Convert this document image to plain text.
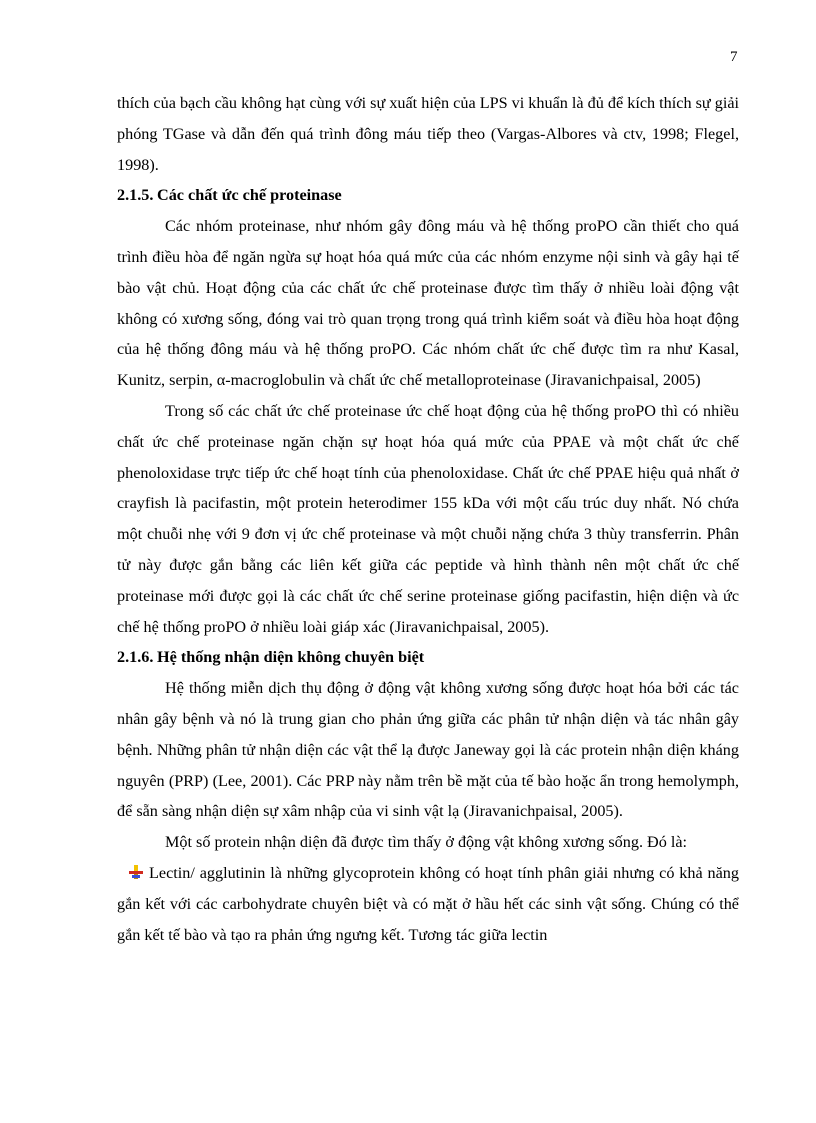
7

thích của bạch cầu không hạt cùng với sự xuất hiện của LPS vi khuẩn là đủ để kích thích sự giải phóng TGase và dẫn đến quá trình đông máu tiếp theo (Vargas-Albores và ctv, 1998; Flegel, 1998).

2.1.5. Các chất ức chế proteinase

Các nhóm proteinase, như nhóm gây đông máu và hệ thống proPO cần thiết cho quá trình điều hòa để ngăn ngừa sự hoạt hóa quá mức của các nhóm enzyme nội sinh và gây hại tế bào vật chủ. Hoạt động của các chất ức chế proteinase được tìm thấy ở nhiều loài động vật không có xương sống, đóng vai trò quan trọng trong quá trình kiểm soát và điều hòa hoạt động của hệ thống đông máu và hệ thống proPO. Các nhóm chất ức chế được tìm ra như Kasal, Kunitz, serpin, α-macroglobulin và chất ức chế metalloproteinase (Jiravanichpaisal, 2005)

Trong số các chất ức chế proteinase ức chế hoạt động của hệ thống proPO thì có nhiều chất ức chế proteinase ngăn chặn sự hoạt hóa quá mức của PPAE và một chất ức chế phenoloxidase trực tiếp ức chế hoạt tính của phenoloxidase. Chất ức chế PPAE hiệu quả nhất ở crayfish là pacifastin, một protein heterodimer 155 kDa với một cấu trúc duy nhất. Nó chứa một chuỗi nhẹ với 9 đơn vị ức chế proteinase và một chuỗi nặng chứa 3 thùy transferrin. Phân tử này được gắn bằng các liên kết giữa các peptide và hình thành nên một chất ức chế proteinase mới được gọi là các chất ức chế serine proteinase giống pacifastin, hiện diện và ức chế hệ thống proPO ở nhiều loài giáp xác (Jiravanichpaisal, 2005).

2.1.6. Hệ thống nhận diện không chuyên biệt

Hệ thống miễn dịch thụ động ở động vật không xương sống được hoạt hóa bởi các tác nhân gây bệnh và nó là trung gian cho phản ứng giữa các phân tử nhận diện và tác nhân gây bệnh. Những phân tử nhận diện các vật thể lạ được Janeway gọi là các protein nhận diện kháng nguyên (PRP) (Lee, 2001). Các PRP này nằm trên bề mặt của tế bào hoặc ẩn trong hemolymph, để sẵn sàng nhận diện sự xâm nhập của vi sinh vật lạ (Jiravanichpaisal, 2005).

Một số protein nhận diện đã được tìm thấy ở động vật không xương sống. Đó là:

Lectin/ agglutinin là những glycoprotein không có hoạt tính phân giải nhưng có khả năng gắn kết với các carbohydrate chuyên biệt và có mặt ở hầu hết các sinh vật sống. Chúng có thể gắn kết tế bào và tạo ra phản ứng ngưng kết. Tương tác giữa lectin
